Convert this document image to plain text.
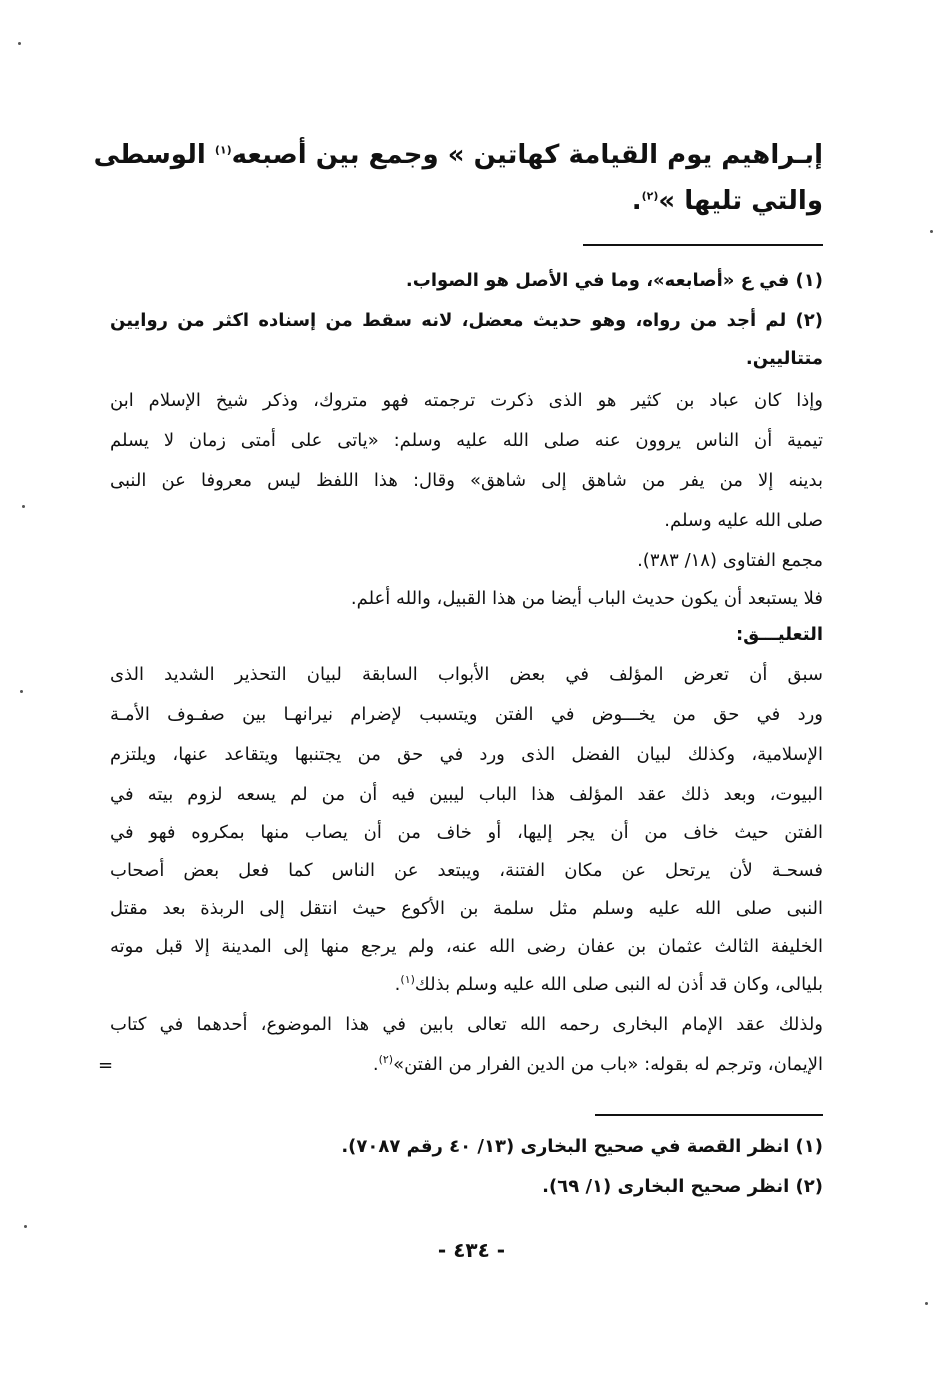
إبـراهيم يوم القيامة كهاتين » وجمع بين أصبعه$^{(١)}$ الوسطى
والتي تليها »$^{(٢)}$.
(١) في ع «أصابعه»، وما في الأصل هو الصواب.
(٢) لم أجد من رواه، وهو حديث معضل، لانه سقط من إسناده اكثر من روايين
متتاليين.
وإذا كان عباد بن كثير هو الذى ذكرت ترجمته فهو متروك، وذكر شيخ الإسلام ابن
تيمية أن الناس يروون عنه صلى الله عليه وسلم: «ياتى على أمتى زمان لا يسلم
بدينه إلا من يفر من شاهق إلى شاهق» وقال: هذا اللفظ ليس معروفا عن النبى
صلى الله عليه وسلم.
مجمع الفتاوى (١٨/ ٣٨٣).
فلا يستبعد أن يكون حديث الباب أيضا من هذا القبيل، والله أعلم.
التعليـــق:
سبق أن تعرض المؤلف في بعض الأبواب السابقة لبيان التحذير الشديد الذى
ورد في حق من يخـــوض في الفتن ويتسبب لإضرام نيرانهـا بين صفـوف الأمـة
الإسلامية، وكذلك لبيان الفضل الذى ورد في حق من يجتنبها ويتقاعد عنها، ويلتزم
البيوت، وبعد ذلك عقد المؤلف هذا الباب ليبين فيه أن من لم يسعه لزوم بيته في
الفتن حيث خاف من أن يجر إليها، أو خاف من أن يصاب منها بمكروه فهو في
فسحـة لأن يرتحل عن مكان الفتنة، ويبتعد عن الناس كما فعل بعض أصحاب
النبى صلى الله عليه وسلم مثل سلمة بن الأكوع حيث انتقل إلى الربذة بعد مقتل
الخليفة الثالث عثمان بن عفان رضى الله عنه، ولم يرجع منها إلى المدينة إلا قبل موته
بليالى، وكان قد أذن له النبى صلى الله عليه وسلم بذلك$^{(١)}$.
ولذلك عقد الإمام البخارى رحمه الله تعالى بابين في هذا الموضوع، أحدهما في كتاب
الإيمان، وترجم له بقوله: «باب من الدين الفرار من الفتن»$^{(٢)}$.
=
(١) انظر القصة في صحيح البخارى (١٣/ ٤٠ رقم ٧٠٨٧).
(٢) انظر صحيح البخارى (١/ ٦٩).
- ٤٣٤ -
